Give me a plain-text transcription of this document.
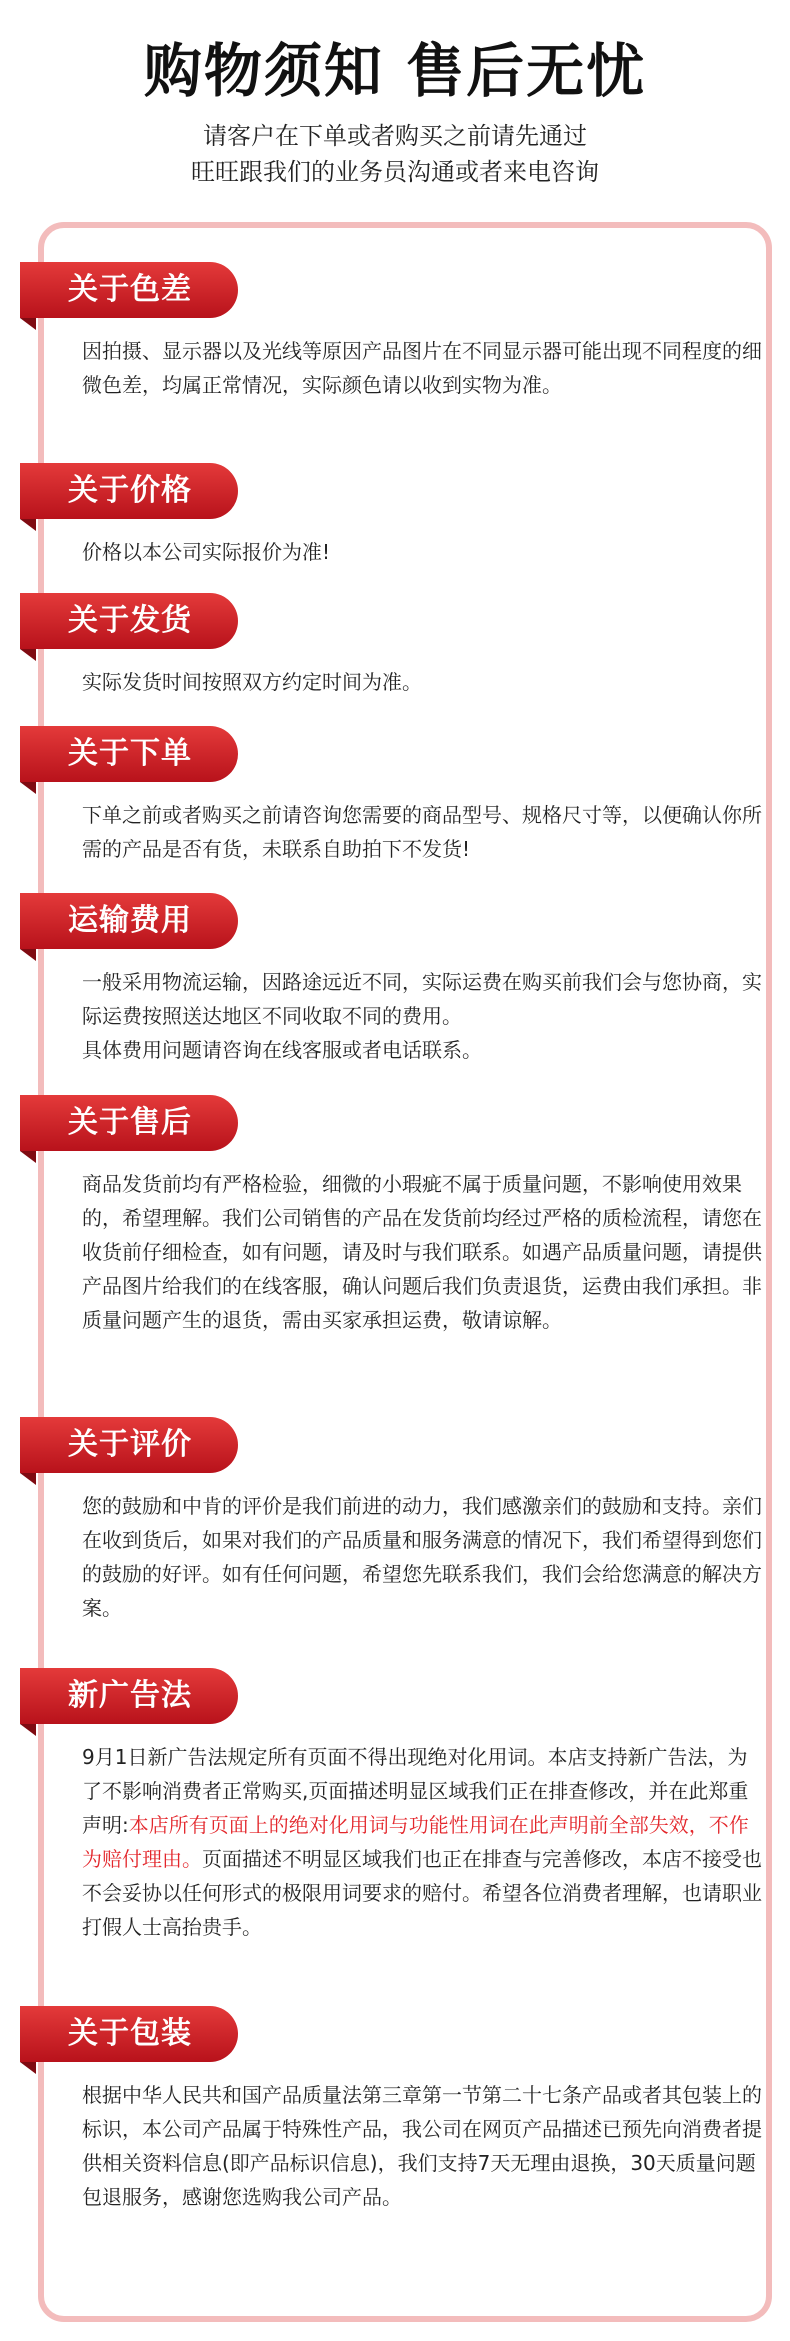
购物须知 售后无忧
请客户在下单或者购买之前请先通过
旺旺跟我们的业务员沟通或者来电咨询
关于色差

因拍摄、显示器以及光线等原因产品图片在不同显示器可能出现不同程度的细微色差，均属正常情况，实际颜色请以收到实物为准。

关于价格

价格以本公司实际报价为准!

关于发货

实际发货时间按照双方约定时间为准。

关于下单

下单之前或者购买之前请咨询您需要的商品型号、规格尺寸等，以便确认你所需的产品是否有货，未联系自助拍下不发货!

运输费用

一般采用物流运输，因路途远近不同，实际运费在购买前我们会与您协商，实际运费按照送达地区不同收取不同的费用。

具体费用问题请咨询在线客服或者电话联系。

关于售后

商品发货前均有严格检验，细微的小瑕疵不属于质量问题，不影响使用效果的，希望理解。我们公司销售的产品在发货前均经过严格的质检流程，请您在收货前仔细检查，如有问题，请及时与我们联系。如遇产品质量问题，请提供产品图片给我们的在线客服，确认问题后我们负责退货，运费由我们承担。非质量问题产生的退货，需由买家承担运费，敬请谅解。

关于评价

您的鼓励和中肯的评价是我们前进的动力，我们感激亲们的鼓励和支持。亲们在收到货后，如果对我们的产品质量和服务满意的情况下，我们希望得到您们的鼓励的好评。如有任何问题，希望您先联系我们，我们会给您满意的解决方案。

新广告法

9月1日新广告法规定所有页面不得出现绝对化用词。本店支持新广告法，为了不影响消费者正常购买,页面描述明显区域我们正在排查修改，并在此郑重声明:本店所有页面上的绝对化用词与功能性用词在此声明前全部失效，不作为赔付理由。页面描述不明显区域我们也正在排查与完善修改，本店不接受也不会妥协以任何形式的极限用词要求的赔付。希望各位消费者理解，也请职业打假人士高抬贵手。

关于包装

根据中华人民共和国产品质量法第三章第一节第二十七条产品或者其包装上的标识，本公司产品属于特殊性产品，我公司在网页产品描述已预先向消费者提供相关资料信息(即产品标识信息)，我们支持7天无理由退换，30天质量问题包退服务，感谢您选购我公司产品。
